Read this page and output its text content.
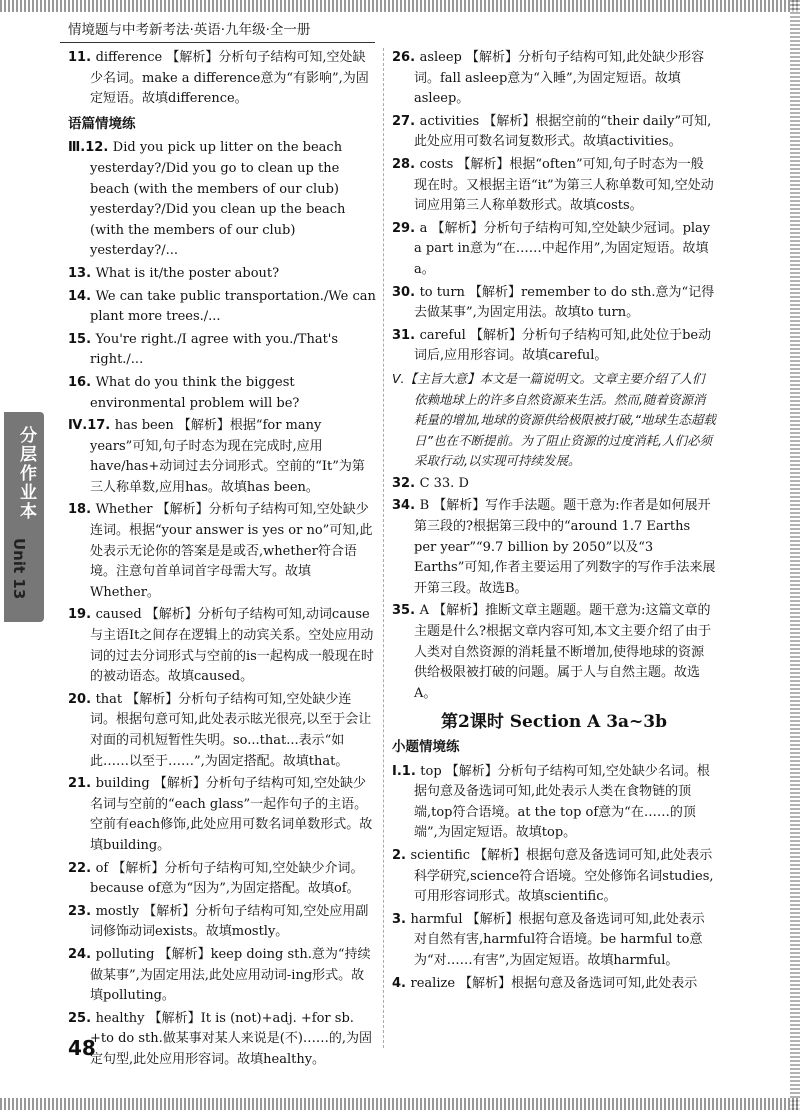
情境题与中考新考法·英语·九年级·全一册
分层作业本
Unit 13
11. difference 【解析】分析句子结构可知,空处缺少名词。make a difference意为“有影响”,为固定短语。故填difference。
语篇情境练
Ⅲ.12. Did you pick up litter on the beach yesterday?/Did you go to clean up the beach (with the members of our club) yesterday?/Did you clean up the beach (with the members of our club) yesterday?/...
13. What is it/the poster about?
14. We can take public transportation./We can plant more trees./...
15. You're right./I agree with you./That's right./...
16. What do you think the biggest environmental problem will be?
Ⅳ.17. has been 【解析】根据“for many years”可知,句子时态为现在完成时,应用have/has+动词过去分词形式。空前的“It”为第三人称单数,应用has。故填has been。
18. Whether 【解析】分析句子结构可知,空处缺少连词。根据“your answer is yes or no”可知,此处表示无论你的答案是是或否,whether符合语境。注意句首单词首字母需大写。故填Whether。
19. caused 【解析】分析句子结构可知,动词cause与主语It之间存在逻辑上的动宾关系。空处应用动词的过去分词形式与空前的is一起构成一般现在时的被动语态。故填caused。
20. that 【解析】分析句子结构可知,空处缺少连词。根据句意可知,此处表示眩光很亮,以至于会让对面的司机短暂性失明。so...that...表示“如此……以至于……”,为固定搭配。故填that。
21. building 【解析】分析句子结构可知,空处缺少名词与空前的“each glass”一起作句子的主语。空前有each修饰,此处应用可数名词单数形式。故填building。
22. of 【解析】分析句子结构可知,空处缺少介词。because of意为“因为”,为固定搭配。故填of。
23. mostly 【解析】分析句子结构可知,空处应用副词修饰动词exists。故填mostly。
24. polluting 【解析】keep doing sth.意为“持续做某事”,为固定用法,此处应用动词-ing形式。故填polluting。
25. healthy 【解析】It is (not)+adj. +for sb. +to do sth.做某事对某人来说是(不)……的,为固定句型,此处应用形容词。故填healthy。
26. asleep 【解析】分析句子结构可知,此处缺少形容词。fall asleep意为“入睡”,为固定短语。故填asleep。
27. activities 【解析】根据空前的“their daily”可知,此处应用可数名词复数形式。故填activities。
28. costs 【解析】根据“often”可知,句子时态为一般现在时。又根据主语“it”为第三人称单数可知,空处动词应用第三人称单数形式。故填costs。
29. a 【解析】分析句子结构可知,空处缺少冠词。play a part in意为“在……中起作用”,为固定短语。故填a。
30. to turn 【解析】remember to do sth.意为“记得去做某事”,为固定用法。故填to turn。
31. careful 【解析】分析句子结构可知,此处位于be动词后,应用形容词。故填careful。
Ⅴ.【主旨大意】本文是一篇说明文。文章主要介绍了人们依赖地球上的许多自然资源来生活。然而,随着资源消耗量的增加,地球的资源供给极限被打破,“地球生态超载日”也在不断提前。为了阻止资源的过度消耗,人们必须采取行动,以实现可持续发展。
32. C 33. D
34. B 【解析】写作手法题。题干意为:作者是如何展开第三段的?根据第三段中的“around 1.7 Earths per year”“9.7 billion by 2050”以及“3 Earths”可知,作者主要运用了列数字的写作手法来展开第三段。故选B。
35. A 【解析】推断文章主题题。题干意为:这篇文章的主题是什么?根据文章内容可知,本文主要介绍了由于人类对自然资源的消耗量不断增加,使得地球的资源供给极限被打破的问题。属于人与自然主题。故选A。
第2课时 Section A 3a~3b
小题情境练
Ⅰ.1. top 【解析】分析句子结构可知,空处缺少名词。根据句意及备选词可知,此处表示人类在食物链的顶端,top符合语境。at the top of意为“在……的顶端”,为固定短语。故填top。
2. scientific 【解析】根据句意及备选词可知,此处表示科学研究,science符合语境。空处修饰名词studies,可用形容词形式。故填scientific。
3. harmful 【解析】根据句意及备选词可知,此处表示对自然有害,harmful符合语境。be harmful to意为“对……有害”,为固定短语。故填harmful。
4. realize 【解析】根据句意及备选词可知,此处表示
48
